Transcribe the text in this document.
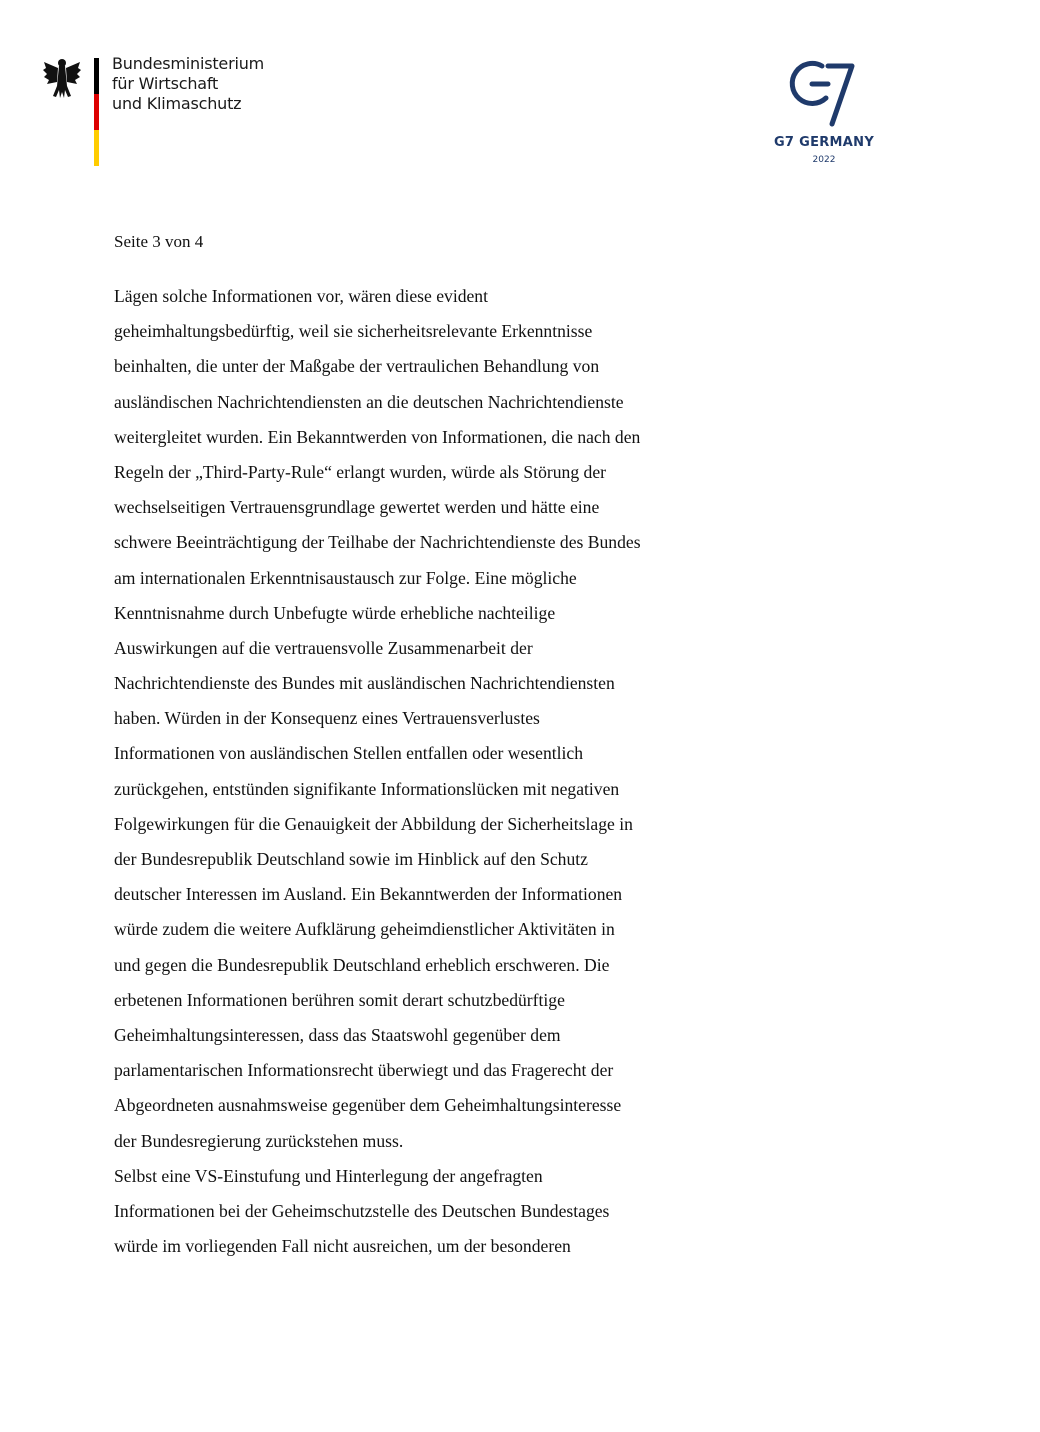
Bundesministerium
für Wirtschaft
und Klimaschutz
G7 GERMANY
2022
Seite 3 von 4
Lägen solche Informationen vor, wären diese evident
geheimhaltungsbedürftig, weil sie sicherheitsrelevante Erkenntnisse
beinhalten, die unter der Maßgabe der vertraulichen Behandlung von
ausländischen Nachrichtendiensten an die deutschen Nachrichtendienste
weitergleitet wurden. Ein Bekanntwerden von Informationen, die nach den
Regeln der „Third-Party-Rule“ erlangt wurden, würde als Störung der
wechselseitigen Vertrauensgrundlage gewertet werden und hätte eine
schwere Beeinträchtigung der Teilhabe der Nachrichtendienste des Bundes
am internationalen Erkenntnisaustausch zur Folge. Eine mögliche
Kenntnisnahme durch Unbefugte würde erhebliche nachteilige
Auswirkungen auf die vertrauensvolle Zusammenarbeit der
Nachrichtendienste des Bundes mit ausländischen Nachrichtendiensten
haben. Würden in der Konsequenz eines Vertrauensverlustes
Informationen von ausländischen Stellen entfallen oder wesentlich
zurückgehen, entstünden signifikante Informationslücken mit negativen
Folgewirkungen für die Genauigkeit der Abbildung der Sicherheitslage in
der Bundesrepublik Deutschland sowie im Hinblick auf den Schutz
deutscher Interessen im Ausland. Ein Bekanntwerden der Informationen
würde zudem die weitere Aufklärung geheimdienstlicher Aktivitäten in
und gegen die Bundesrepublik Deutschland erheblich erschweren. Die
erbetenen Informationen berühren somit derart schutzbedürftige
Geheimhaltungsinteressen, dass das Staatswohl gegenüber dem
parlamentarischen Informationsrecht überwiegt und das Fragerecht der
Abgeordneten ausnahmsweise gegenüber dem Geheimhaltungsinteresse
der Bundesregierung zurückstehen muss.
Selbst eine VS-Einstufung und Hinterlegung der angefragten
Informationen bei der Geheimschutzstelle des Deutschen Bundestages
würde im vorliegenden Fall nicht ausreichen, um der besonderen
